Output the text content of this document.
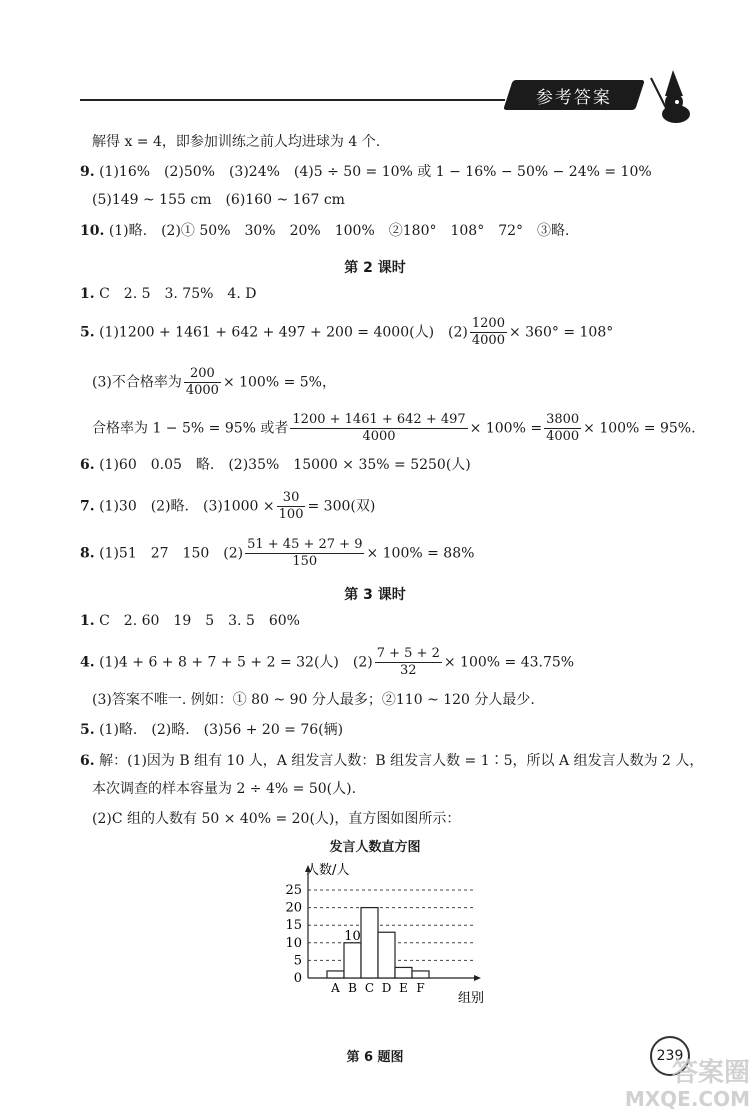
参考答案
解得 x = 4，即参加训练之前人均进球为 4 个.
9. (1)16%　(2)50%　(3)24%　(4)5 ÷ 50 = 10% 或 1 − 16% − 50% − 24% = 10%
(5)149 ~ 155 cm　(6)160 ~ 167 cm
10. (1)略.　(2)① 50%　30%　20%　100%　②180°　108°　72°　③略.
第 2 课时
1. C　2. 5　3. 75%　4. D
5. (1)1200 + 1461 + 642 + 497 + 200 = 4000(人)　$(2) \frac{1200}{4000} \times 360^\circ = 108^\circ$
(3)不合格率为 $\frac{200}{4000} \times 100\% = 5\%$，
合格率为 1 − 5% = 95% 或者 $\frac{1200 + 1461 + 642 + 497}{4000} \times 100\% = \frac{3800}{4000} \times 100\% = 95\%$.
6. (1)60　0.05　略.　(2)35%　15000 × 35% = 5250(人)
7. (1)30　(2)略.　$(3)1000 \times \frac{30}{100} = 300$(双)
8. (1)51　27　150　$(2) \frac{51 + 45 + 27 + 9}{150} \times 100\% = 88\%$
第 3 课时
1. C　2. 60　19　5　3. 5　60%
4. (1)4 + 6 + 8 + 7 + 5 + 2 = 32(人)　$(2) \frac{7 + 5 + 2}{32} \times 100\% = 43.75\%$
(3)答案不唯一. 例如：① 80 ~ 90 分人最多；②110 ~ 120 分人最少.
5. (1)略.　(2)略.　(3)56 + 20 = 76(辆)
6. 解：(1)因为 B 组有 10 人，A 组发言人数：B 组发言人数 = 1∶5，所以 A 组发言人数为 2 人，
本次调查的样本容量为 2 ÷ 4% = 50(人).
(2)C 组的人数有 50 × 40% = 20(人)，直方图如图所示：
发言人数直方图
0
5
10
15
20
25
人数/人
组别
A B C D E F
10
第 6 题图	239
答案圈
MXQE.COM
